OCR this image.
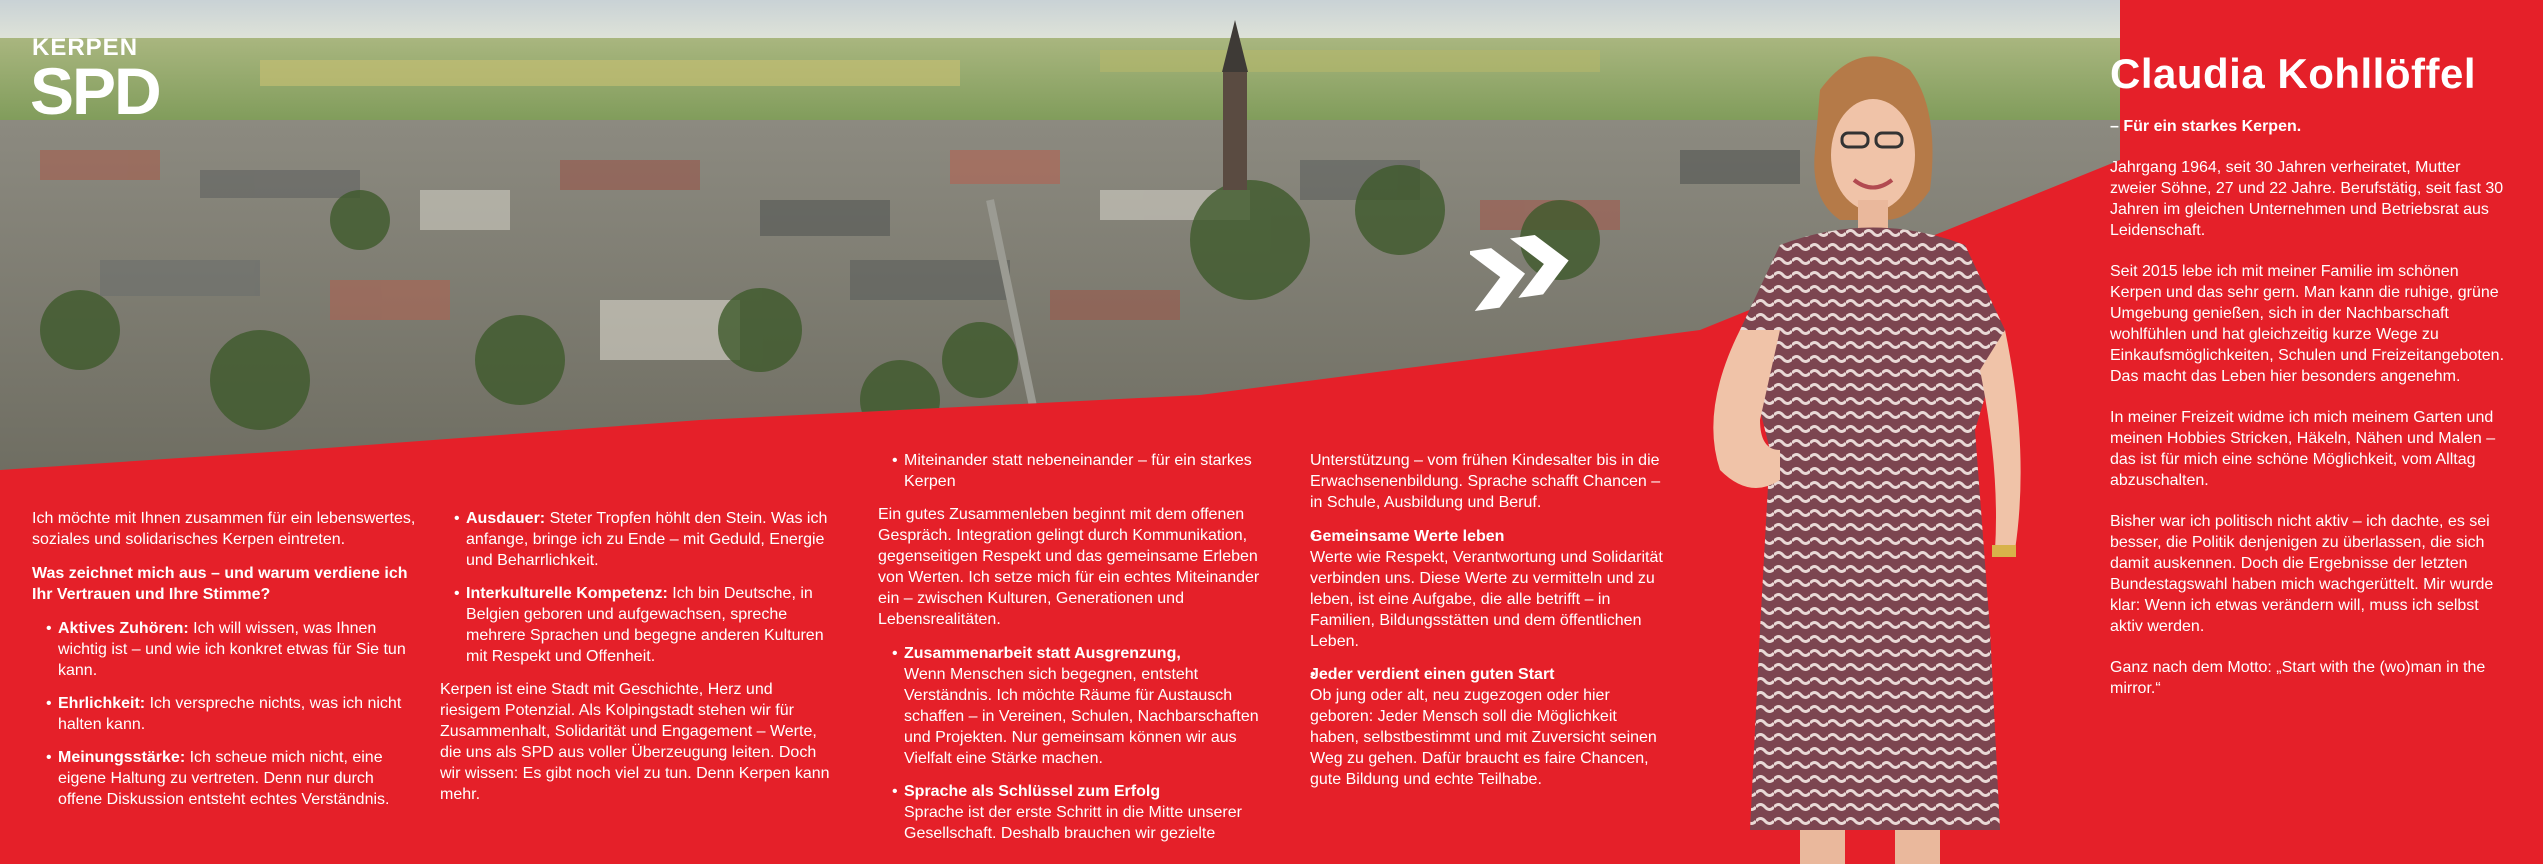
KERPEN
SPD

Ich möchte mit Ihnen zusammen für ein lebenswertes, soziales und solidarisches Kerpen eintreten.

Was zeichnet mich aus – und warum verdiene ich Ihr Vertrauen und Ihre Stimme?

• Aktives Zuhören: Ich will wissen, was Ihnen wichtig ist – und wie ich konkret etwas für Sie tun kann.
• Ehrlichkeit: Ich verspreche nichts, was ich nicht halten kann.
• Meinungsstärke: Ich scheue mich nicht, eine eigene Haltung zu vertreten. Denn nur durch offene Diskussion entsteht echtes Verständnis.
• Ausdauer: Steter Tropfen höhlt den Stein. Was ich anfange, bringe ich zu Ende – mit Geduld, Energie und Beharrlichkeit.
• Interkulturelle Kompetenz: Ich bin Deutsche, in Belgien geboren und aufgewachsen, spreche mehrere Sprachen und begegne anderen Kulturen mit Respekt und Offenheit.

Kerpen ist eine Stadt mit Geschichte, Herz und riesigem Potenzial. Als Kolpingstadt stehen wir für Zusammenhalt, Solidarität und Engagement – Werte, die uns als SPD aus voller Überzeugung leiten. Doch wir wissen: Es gibt noch viel zu tun. Denn Kerpen kann mehr.

• Miteinander statt nebeneinander – für ein starkes Kerpen

Ein gutes Zusammenleben beginnt mit dem offenen Gespräch. Integration gelingt durch Kommunikation, gegenseitigen Respekt und das gemeinsame Erleben von Werten. Ich setze mich für ein echtes Miteinander ein – zwischen Kulturen, Generationen und Lebensrealitäten.

• Zusammenarbeit statt Ausgrenzung,
Wenn Menschen sich begegnen, entsteht Verständnis. Ich möchte Räume für Austausch schaffen – in Vereinen, Schulen, Nachbarschaften und Projekten. Nur gemeinsam können wir aus Vielfalt eine Stärke machen.
• Sprache als Schlüssel zum Erfolg
Sprache ist der erste Schritt in die Mitte unserer Gesellschaft. Deshalb brauchen wir gezielte

Unterstützung – vom frühen Kindesalter bis in die Erwachsenenbildung. Sprache schafft Chancen – in Schule, Ausbildung und Beruf.

• Gemeinsame Werte leben
Werte wie Respekt, Verantwortung und Solidarität verbinden uns. Diese Werte zu vermitteln und zu leben, ist eine Aufgabe, die alle betrifft – in Familien, Bildungsstätten und dem öffentlichen Leben.
• Jeder verdient einen guten Start
Ob jung oder alt, neu zugezogen oder hier geboren: Jeder Mensch soll die Möglichkeit haben, selbstbestimmt und mit Zuversicht seinen Weg zu gehen. Dafür braucht es faire Chancen, gute Bildung und echte Teilhabe.
Claudia Kohllöffel

– Für ein starkes Kerpen.

Jahrgang 1964, seit 30 Jahren verheiratet, Mutter zweier Söhne, 27 und 22 Jahre. Berufstätig, seit fast 30 Jahren im gleichen Unternehmen und Betriebsrat aus Leidenschaft.

Seit 2015 lebe ich mit meiner Familie im schönen Kerpen und das sehr gern. Man kann die ruhige, grüne Umgebung genießen, sich in der Nachbarschaft wohlfühlen und hat gleichzeitig kurze Wege zu Einkaufsmöglichkeiten, Schulen und Freizeitangeboten. Das macht das Leben hier besonders angenehm.

In meiner Freizeit widme ich mich meinem Garten und meinen Hobbies Stricken, Häkeln, Nähen und Malen – das ist für mich eine schöne Möglichkeit, vom Alltag abzuschalten.

Bisher war ich politisch nicht aktiv – ich dachte, es sei besser, die Politik denjenigen zu überlassen, die sich damit auskennen. Doch die Ergebnisse der letzten Bundestagswahl haben mich wachgerüttelt. Mir wurde klar: Wenn ich etwas verändern will, muss ich selbst aktiv werden.

Ganz nach dem Motto: „Start with the (wo)man in the mirror.“
